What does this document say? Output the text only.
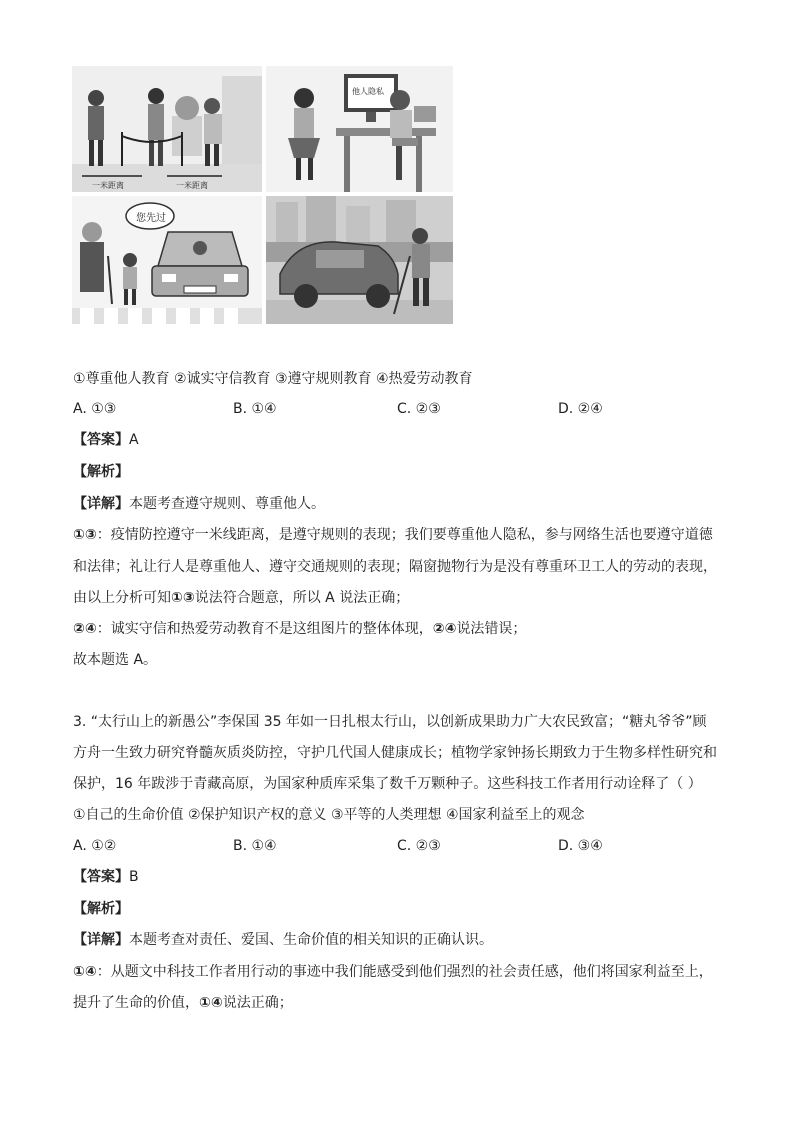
一米距离	一米距离
他人隐私
您先过
①尊重他人教育 ②诚实守信教育 ③遵守规则教育 ④热爱劳动教育
A. ①③	B. ①④	C. ②③	D. ②④
【答案】A
【解析】
【详解】本题考查遵守规则、尊重他人。
①③：疫情防控遵守一米线距离，是遵守规则的表现；我们要尊重他人隐私，参与网络生活也要遵守道德
和法律；礼让行人是尊重他人、遵守交通规则的表现；隔窗抛物行为是没有尊重环卫工人的劳动的表现，
由以上分析可知①③说法符合题意，所以 A 说法正确；
②④：诚实守信和热爱劳动教育不是这组图片的整体体现，②④说法错误；
故本题选 A。
3. “太行山上的新愚公”李保国 35 年如一日扎根太行山，以创新成果助力广大农民致富；“糖丸爷爷”顾
方舟一生致力研究脊髓灰质炎防控，守护几代国人健康成长；植物学家钟扬长期致力于生物多样性研究和
保护，16 年跋涉于青藏高原，为国家种质库采集了数千万颗种子。这些科技工作者用行动诠释了（ ）
①自己的生命价值 ②保护知识产权的意义 ③平等的人类理想 ④国家利益至上的观念
A. ①②	B. ①④	C. ②③	D. ③④
【答案】B
【解析】
【详解】本题考查对责任、爱国、生命价值的相关知识的正确认识。
①④：从题文中科技工作者用行动的事迹中我们能感受到他们强烈的社会责任感，他们将国家利益至上，
提升了生命的价值，①④说法正确；
